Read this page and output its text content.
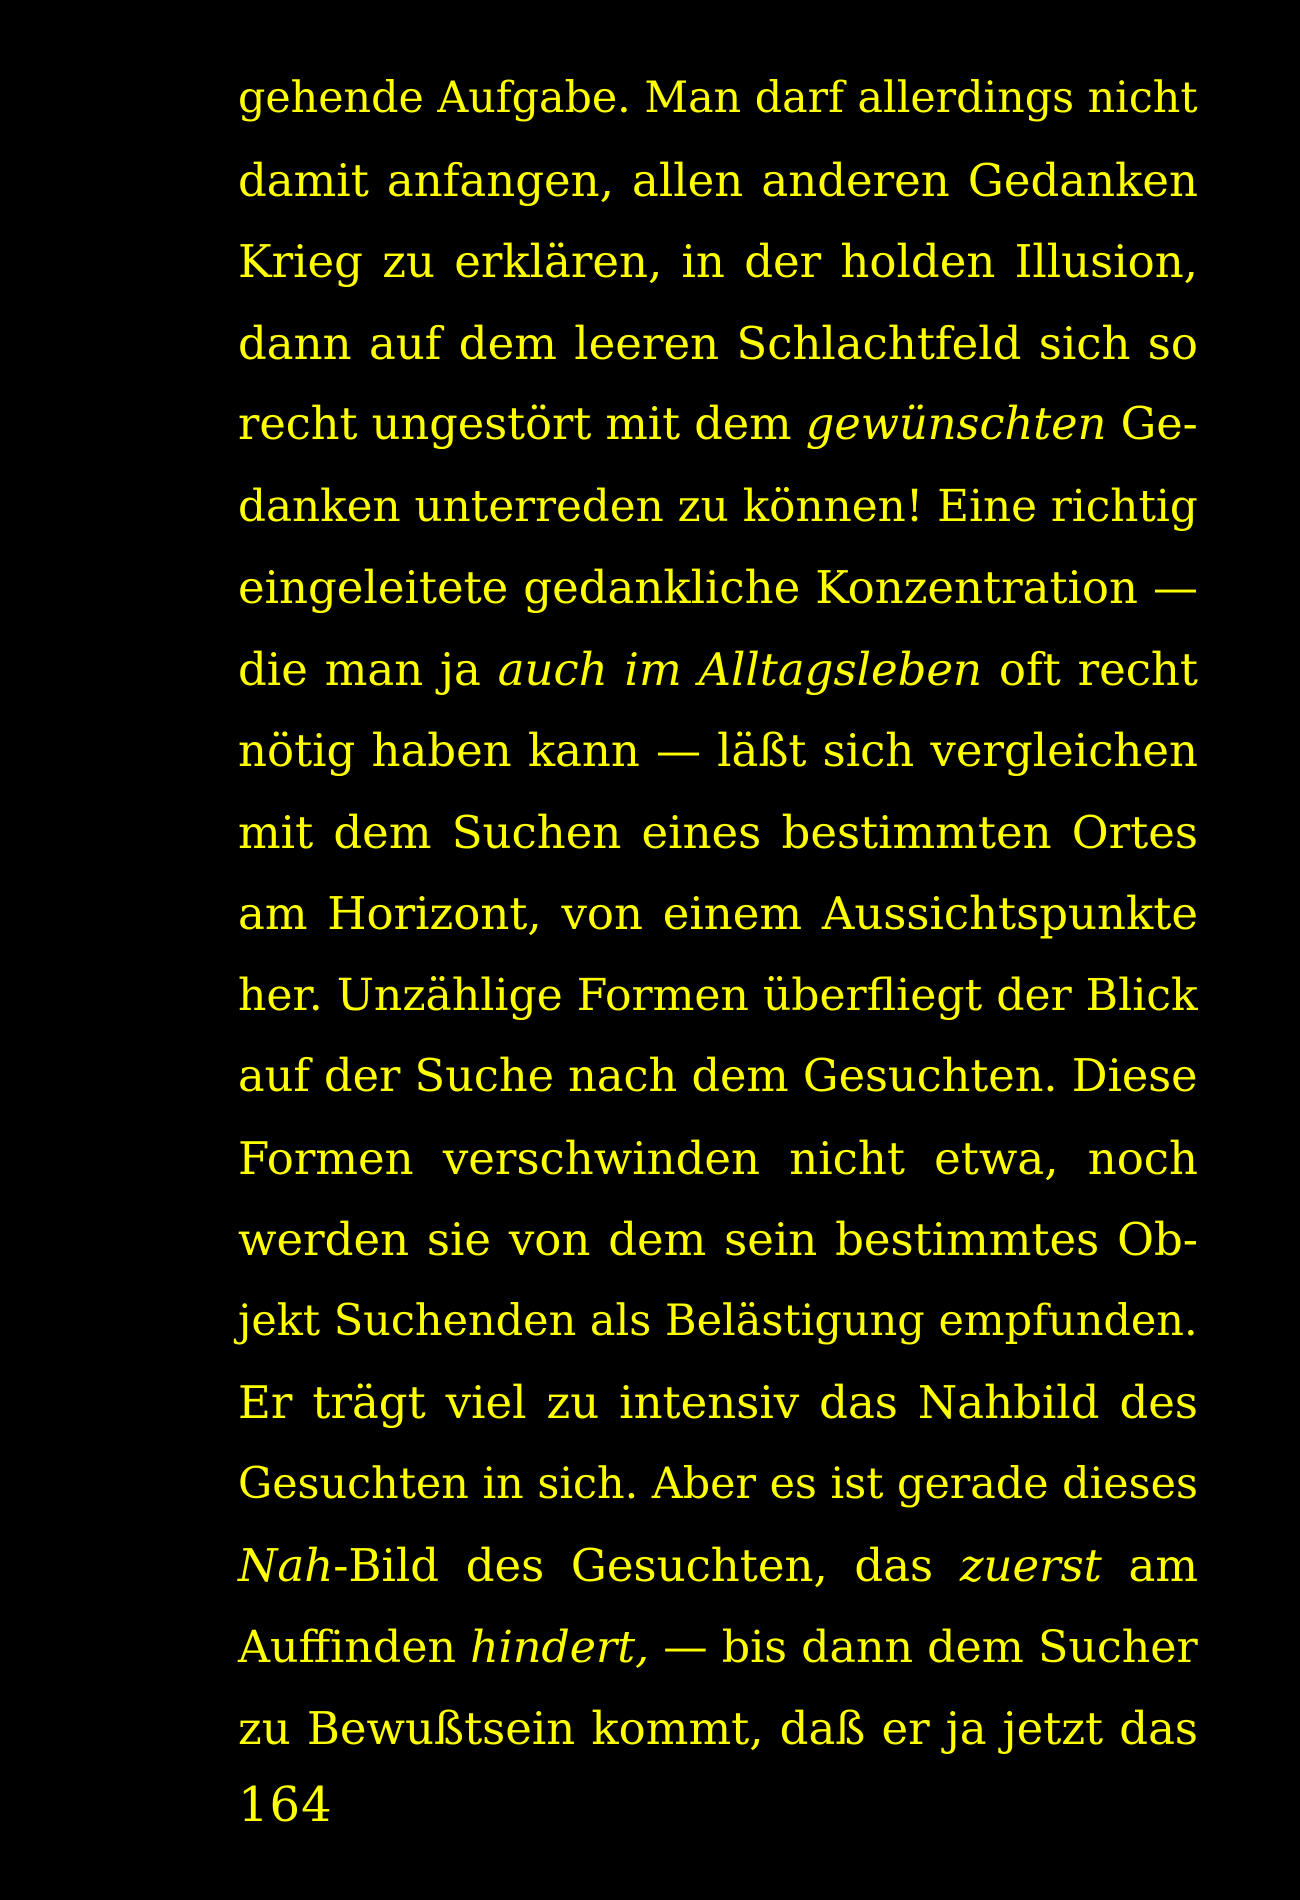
gehende Aufgabe. Man darf allerdings nicht
damit anfangen, allen anderen Gedanken
Krieg zu erklären, in der holden Illusion,
dann auf dem leeren Schlachtfeld sich so
recht ungestört mit dem gewünschten Ge-
danken unterreden zu können! Eine richtig
eingeleitete gedankliche Konzentration —
die man ja auch im Alltagsleben oft recht
nötig haben kann — läßt sich vergleichen
mit dem Suchen eines bestimmten Ortes
am Horizont, von einem Aussichtspunkte
her. Unzählige Formen überfliegt der Blick
auf der Suche nach dem Gesuchten. Diese
Formen verschwinden nicht etwa, noch
werden sie von dem sein bestimmtes Ob-
jekt Suchenden als Belästigung empfunden.
Er trägt viel zu intensiv das Nahbild des
Gesuchten in sich. Aber es ist gerade dieses
Nah-Bild des Gesuchten, das zuerst am
Auffinden hindert, — bis dann dem Sucher
zu Bewußtsein kommt, daß er ja jetzt das
164
